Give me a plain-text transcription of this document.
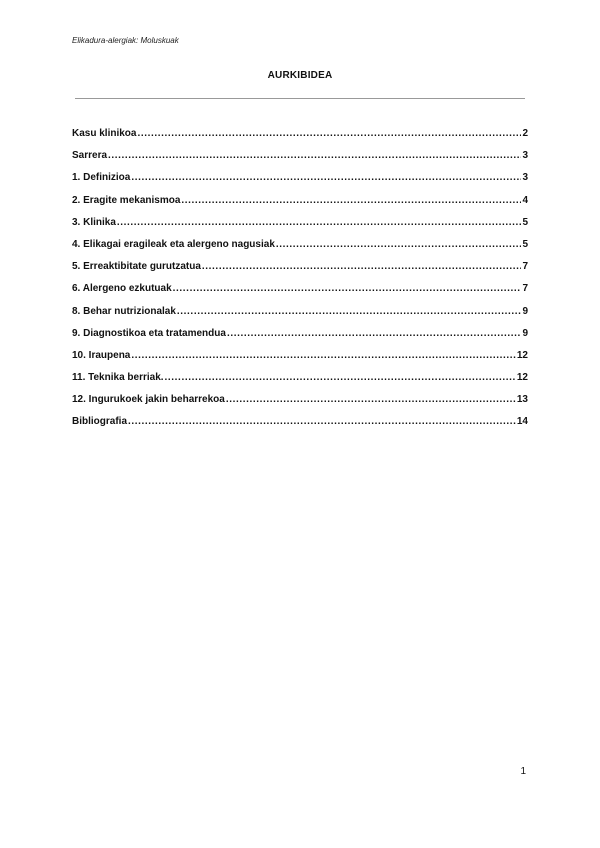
Elikadura-alergiak: Moluskuak
AURKIBIDEA
Kasu klinikoa .....	2
Sarrera .....	3
1. Definizioa .....	3
2. Eragite mekanismoa .....	4
3. Klinika .....	5
4. Elikagai eragileak eta alergeno nagusiak .....	5
5. Erreaktibitate gurutzatua .....	7
6. Alergeno ezkutuak .....	7
8. Behar nutrizionalak .....	9
9. Diagnostikoa eta tratamendua .....	9
10. Iraupena .....	12
11. Teknika berriak. .....	12
12. Ingurukoek jakin beharrekoa .....	13
Bibliografia .....	14
1
